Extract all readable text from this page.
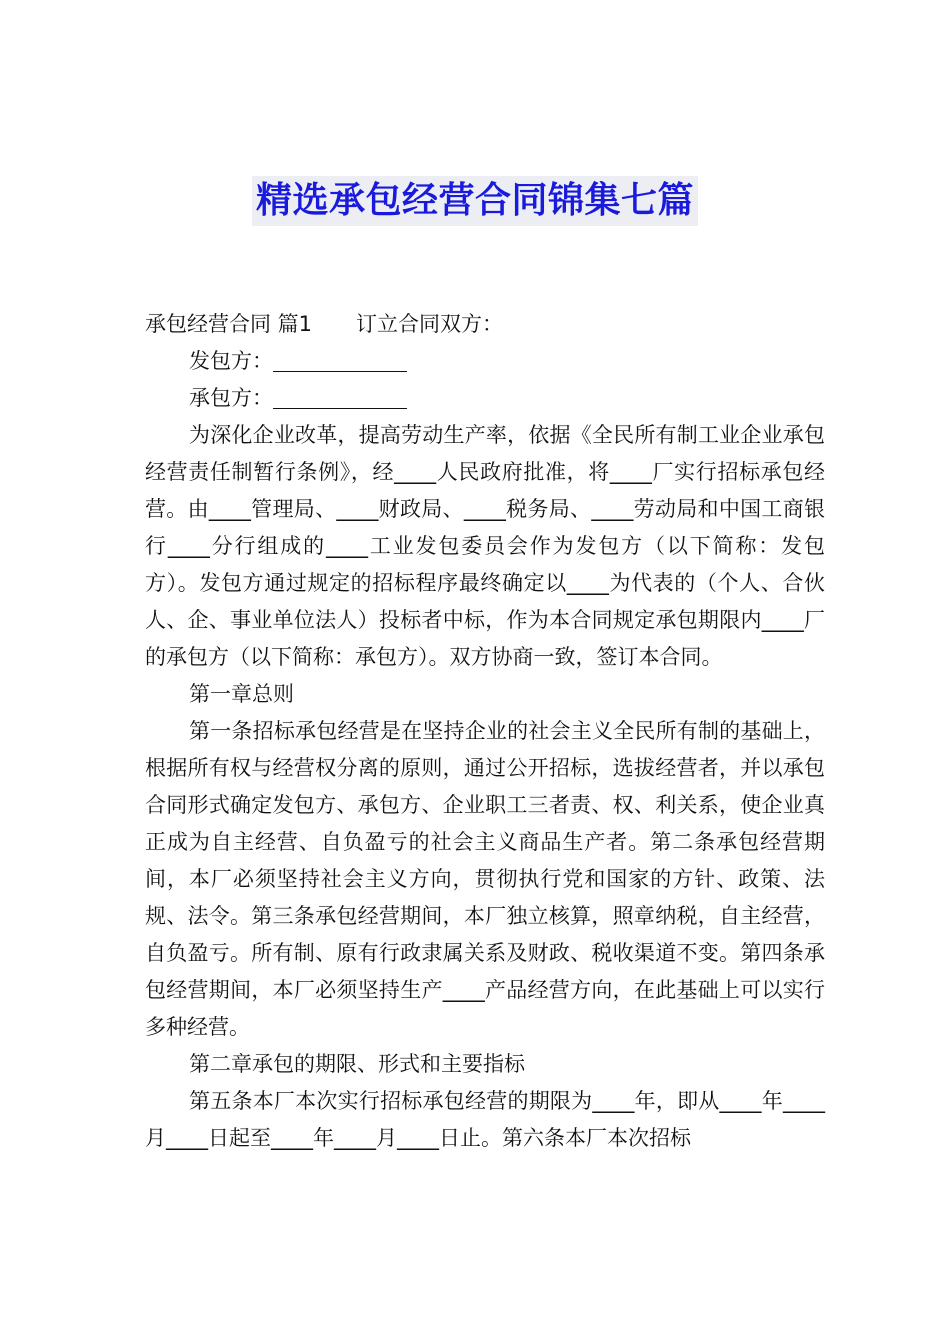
精选承包经营合同锦集七篇

承包经营合同 篇1 订立合同双方：

发包方：

承包方：

为深化企业改革，提高劳动生产率，依据《全民所有制工业企业承包经营责任制暂行条例》，经____人民政府批准，将____厂实行招标承包经营。由____管理局、____财政局、____税务局、____劳动局和中国工商银行____分行组成的____工业发包委员会作为发包方（以下简称：发包方）。发包方通过规定的招标程序最终确定以____为代表的（个人、合伙人、企、事业单位法人）投标者中标，作为本合同规定承包期限内____厂的承包方（以下简称：承包方）。双方协商一致，签订本合同。

第一章总则

第一条招标承包经营是在坚持企业的社会主义全民所有制的基础上，根据所有权与经营权分离的原则，通过公开招标，选拔经营者，并以承包合同形式确定发包方、承包方、企业职工三者责、权、利关系，使企业真正成为自主经营、自负盈亏的社会主义商品生产者。第二条承包经营期间，本厂必须坚持社会主义方向，贯彻执行党和国家的方针、政策、法规、法令。第三条承包经营期间，本厂独立核算，照章纳税，自主经营，自负盈亏。所有制、原有行政隶属关系及财政、税收渠道不变。第四条承包经营期间，本厂必须坚持生产____产品经营方向，在此基础上可以实行多种经营。

第二章承包的期限、形式和主要指标

第五条本厂本次实行招标承包经营的期限为____年，即从____年____月____日起至____年____月____日止。第六条本厂本次招标
